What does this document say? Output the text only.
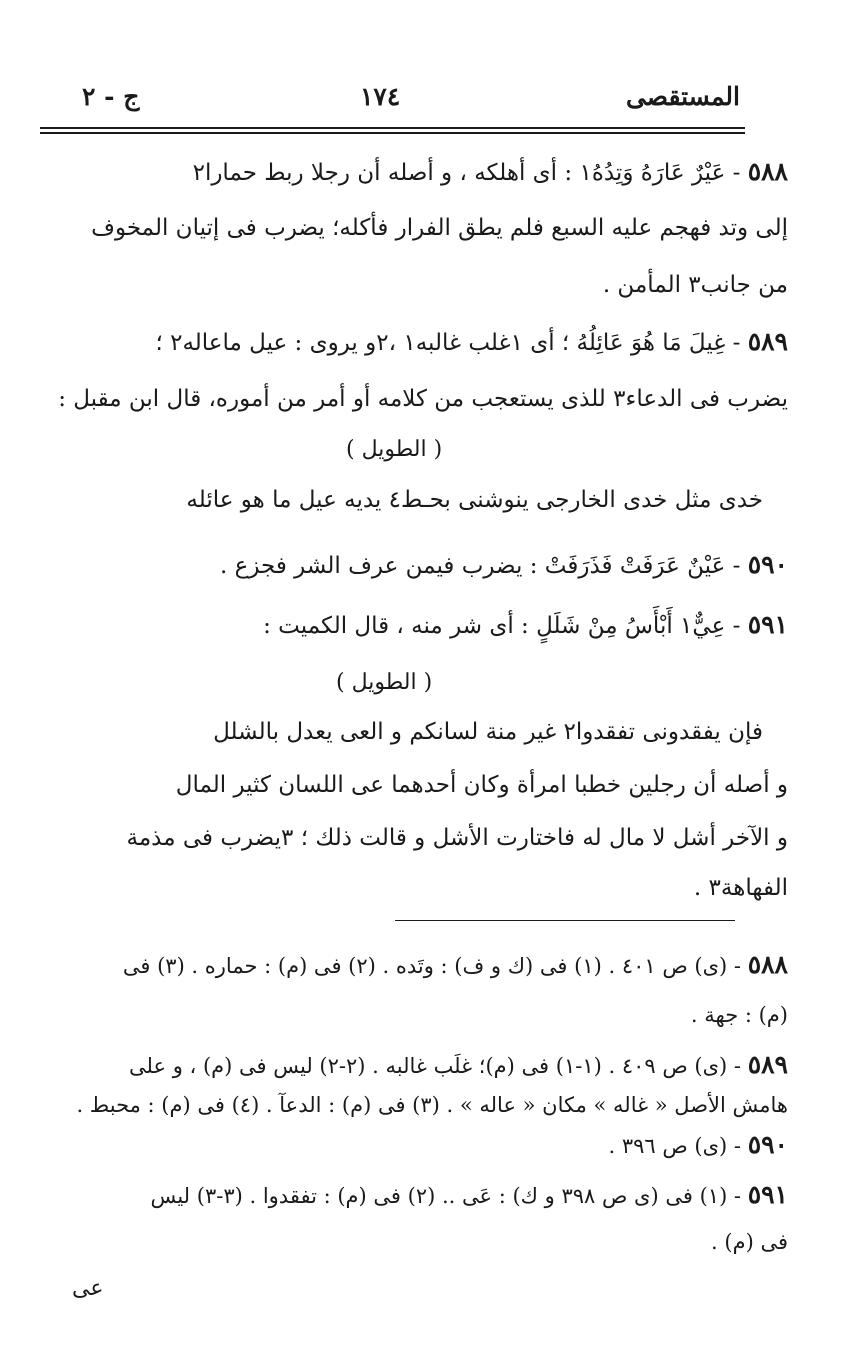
المستقصى
١٧٤
ج - ٢
٥٨٨ - عَيْرٌ عَارَهُ وَتِدُهُ١ : أى أهلكه ، و أصله أن رجلا ربط حمارا٢
إلى وتد فهجم عليه السبع فلم يطق الفرار فأكله؛ يضرب فى إتيان المخوف
من جانب٣ المأمن .
٥٨٩ - غِيلَ مَا هُوَ عَائِلُهُ ؛ أى ١غلب غالبه١ ،٢و يروى : عيل ماعاله٢ ؛
يضرب فى الدعاء٣ للذى يستعجب من كلامه أو أمر من أموره، قال ابن مقبل :
( الطويل )
خدى مثل خدى الخارجى ينوشنى بحـط٤ يديه عيل ما هو عائله
٥٩٠ - عَيْنٌ عَرَفَتْ فَذَرَفَتْ : يضرب فيمن عرف الشر فجزع .
٥٩١ - عِيٌّ١ أَبْأَسُ مِنْ شَلَلٍ : أى شر منه ، قال الكميت :
( الطويل )
فإن يفقدونى تفقدوا٢ غير منة لسانكم و العى يعدل بالشلل
و أصله أن رجلين خطبا امرأة وكان أحدهما عى اللسان كثير المال
و الآخر أشل لا مال له فاختارت الأشل و قالت ذلك ؛ ٣يضرب فى مذمة
الفهاهة٣ .
٥٨٨ - (ى) ص ٤٠١ . (١) فى (ك و ف) : وتَده . (٢) فى (م) : حماره . (٣) فى
(م) : جهة .
٥٨٩ - (ى) ص ٤٠٩ . (١-١) فى (م)؛ غلَب غالبه . (٢-٢) ليس فى (م) ، و على
هامش الأصل « غاله » مكان « عاله » . (٣) فى (م) : الدعآ . (٤) فى (م) : محبط .
٥٩٠ - (ى) ص ٣٩٦ .
٥٩١ - (١) فى (ى ص ٣٩٨ و ك) : عَى .. (٢) فى (م) : تفقدوا . (٣-٣) ليس
فى (م) .
عى
